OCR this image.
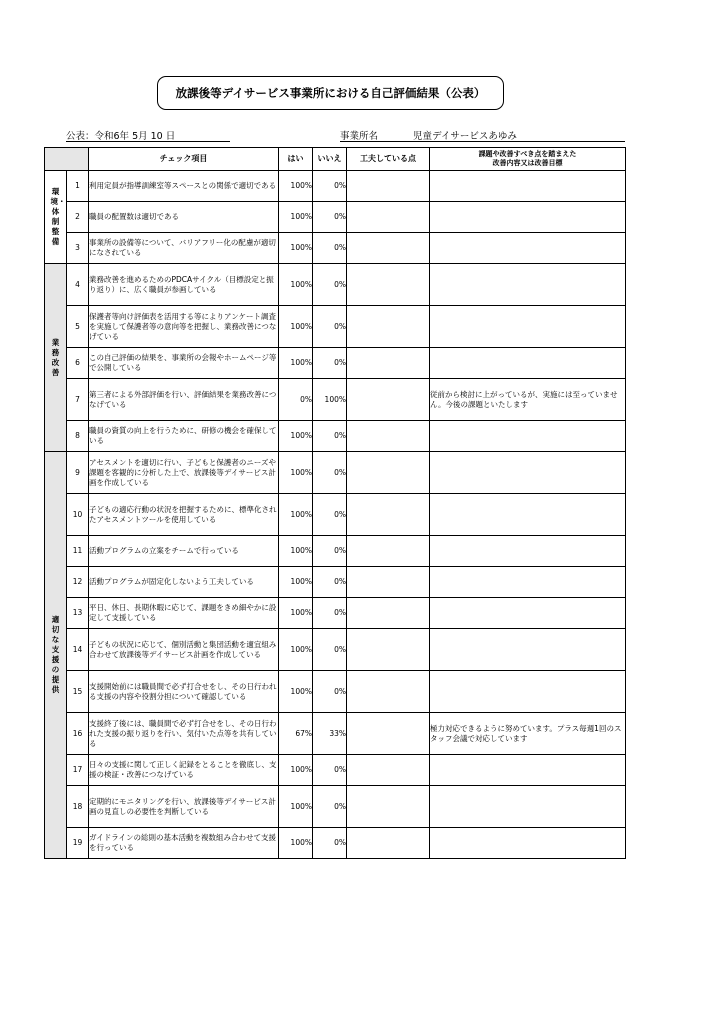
放課後等デイサービス事業所における自己評価結果（公表）
公表：令和6年 5月 10 日	事業所名	児童デイサービスあゆみ
		チェック項目	はい	いいえ	工夫している点	課題や改善すべき点を踏まえた
改善内容又は改善目標

環境・体制整備	1	利用定員が指導訓練室等スペースとの関係で適切である	100%	0%		
	2	職員の配置数は適切である	100%	0%		
	3	事業所の設備等について、バリアフリー化の配慮が適切になされている	100%	0%		
業務改善	4	業務改善を進めるためのPDCAサイクル（目標設定と振り返り）に、広く職員が参画している	100%	0%		
	5	保護者等向け評価表を活用する等によりアンケート調査を実施して保護者等の意向等を把握し、業務改善につなげている	100%	0%		
	6	この自己評価の結果を、事業所の会報やホームページ等で公開している	100%	0%		
	7	第三者による外部評価を行い、評価結果を業務改善につなげている	0%	100%		従前から検討に上がっているが、実施には至っていません。今後の課題といたします
	8	職員の資質の向上を行うために、研修の機会を確保している	100%	0%		
適切な支援の提供	9	アセスメントを適切に行い、子どもと保護者のニーズや課題を客観的に分析した上で、放課後等デイサービス計画を作成している	100%	0%		
	10	子どもの適応行動の状況を把握するために、標準化されたアセスメントツールを使用している	100%	0%		
	11	活動プログラムの立案をチームで行っている	100%	0%		
	12	活動プログラムが固定化しないよう工夫している	100%	0%		
	13	平日、休日、長期休暇に応じて、課題をきめ細やかに設定して支援している	100%	0%		
	14	子どもの状況に応じて、個別活動と集団活動を適宜組み合わせて放課後等デイサービス計画を作成している	100%	0%		
	15	支援開始前には職員間で必ず打合せをし、その日行われる支援の内容や役割分担について確認している	100%	0%		
	16	支援終了後には、職員間で必ず打合せをし、その日行われた支援の振り返りを行い、気付いた点等を共有している	67%	33%		極力対応できるように努めています。プラス毎週1回のスタッフ会議で対応しています
	17	日々の支援に関して正しく記録をとることを徹底し、支援の検証・改善につなげている	100%	0%		
	18	定期的にモニタリングを行い、放課後等デイサービス計画の見直しの必要性を判断している	100%	0%		
	19	ガイドラインの総則の基本活動を複数組み合わせて支援を行っている	100%	0%		
